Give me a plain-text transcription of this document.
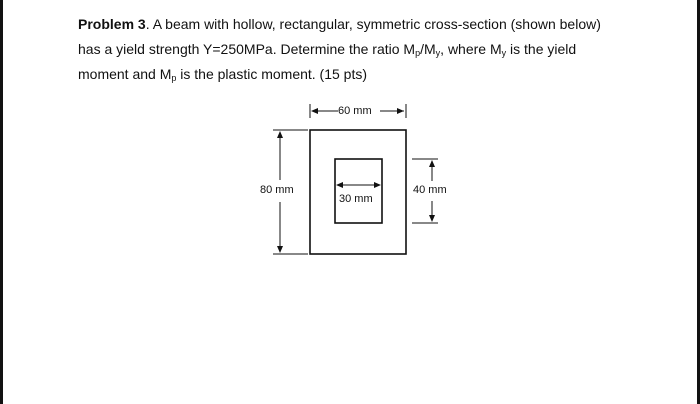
Problem 3. A beam with hollow, rectangular, symmetric cross-section (shown below)

has a yield strength Y=250MPa. Determine the ratio $M_p/M_y$, where $M_y$ is the yield

moment and $M_p$ is the plastic moment. (15 pts)

60 mm
80 mm
30 mm
40 mm
